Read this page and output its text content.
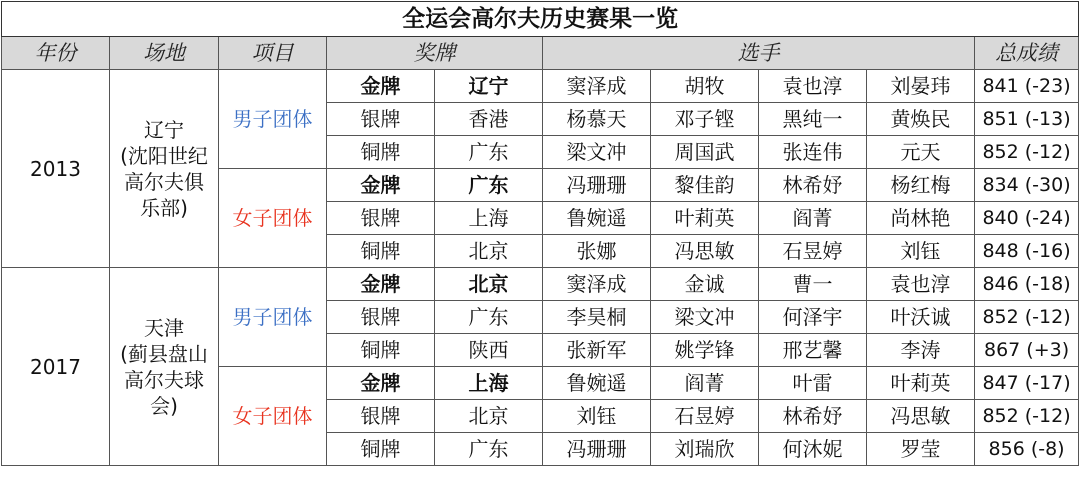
全运会高尔夫历史赛果一览									
年份	场地	项目	奖牌		选手				总成绩
2013	辽宁
(沈阳世纪
高尔夫俱
乐部)	男子团体	金牌	辽宁	窦泽成	胡牧	袁也淳	刘晏玮	841 (-23)
			银牌	香港	杨慕天	邓子铿	黑纯一	黄焕民	851 (-13)
			铜牌	广东	梁文冲	周国武	张连伟	元天	852 (-12)
		女子团体	金牌	广东	冯珊珊	黎佳韵	林希妤	杨红梅	834 (-30)
			银牌	上海	鲁婉遥	叶莉英	阎菁	尚林艳	840 (-24)
			铜牌	北京	张娜	冯思敏	石昱婷	刘钰	848 (-16)
2017	天津
(蓟县盘山
高尔夫球
会)	男子团体	金牌	北京	窦泽成	金诚	曹一	袁也淳	846 (-18)
			银牌	广东	李昊桐	梁文冲	何泽宇	叶沃诚	852 (-12)
			铜牌	陕西	张新军	姚学锋	邢艺馨	李涛	867 (+3)
		女子团体	金牌	上海	鲁婉遥	阎菁	叶雷	叶莉英	847 (-17)
			银牌	北京	刘钰	石昱婷	林希妤	冯思敏	852 (-12)
			铜牌	广东	冯珊珊	刘瑞欣	何沐妮	罗莹	856 (-8)
